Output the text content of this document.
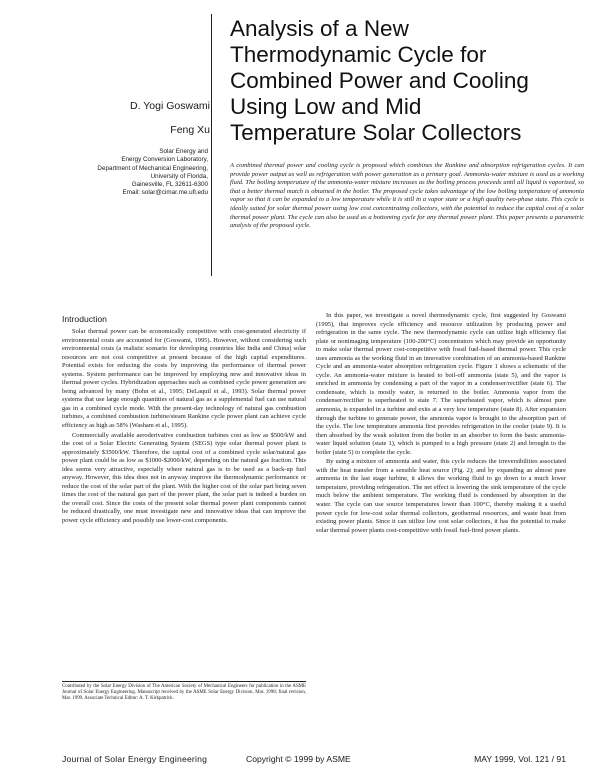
Analysis of a New
Thermodynamic Cycle for
Combined Power and Cooling
Using Low and Mid
Temperature Solar Collectors
D. Yogi Goswami
Feng Xu
Solar Energy and
Energy Conversion Laboratory,
Department of Mechanical Engineering,
University of Florida,
Gainesville, FL 32611-6300
Email: solar@cimar.me.ufl.edu
A combined thermal power and cooling cycle is proposed which combines the Rankine and absorption refrigeration cycles. It can provide power output as well as refrigeration with power generation as a primary goal. Ammonia-water mixture is used as a working fluid. The boiling temperature of the ammonia-water mixture increases as the boiling process proceeds until all liquid is vaporized, so that a better thermal match is obtained in the boiler. The proposed cycle takes advantage of the low boiling temperature of ammonia vapor so that it can be expanded to a low temperature while it is still in a vapor state or a high quality two-phase state. This cycle is ideally suited for solar thermal power using low cost concentrating collectors, with the potential to reduce the capital cost of a solar thermal power plant. The cycle can also be used as a bottoming cycle for any thermal power plant. This paper presents a parametric analysis of the proposed cycle.
Introduction

Solar thermal power can be economically competitive with cost-generated electricity if environmental costs are accounted for (Goswami, 1995). However, without considering such environmental costs (a realistic scenario for developing countries like India and China) solar resources are not cost competitive at present because of the high capital expenditures. Potential exists for reducing the costs by improving the performance of thermal power systems. System performance can be improved by employing new and innovative ideas in thermal power cycles. Hybridization approaches such as combined cycle power generation are being advanced by many (Bohn et al., 1995; DeLaquil et al., 1993). Solar thermal power systems that use large enough quantities of natural gas as a supplemental fuel can use natural gas in a combined cycle mode. With the present-day technology of natural gas combustion turbines, a combined combustion turbine/steam Rankine cycle power plant can achieve cycle efficiency as high as 58% (Washam et al., 1995).

Commercially available aeroderivative combustion turbines cost as low as $500/kW and the cost of a Solar Electric Generating System (SEGS) type solar thermal power plant is approximately $3500/kW. Therefore, the capital cost of a combined cycle solar/natural gas power plant could be as low as $1000-$2000/kW, depending on the natural gas fraction. This idea seems very attractive, especially where natural gas is to be used as a back-up fuel anyway. However, this idea does not in anyway improve the thermodynamic performance or reduce the cost of the solar part of the plant. With the higher cost of the solar part being seven times the cost of the natural gas part of the power plant, the solar part is indeed a burden on the overall cost. Since the costs of the present solar thermal power plant components cannot be reduced drastically, one must investigate new and innovative ideas that can improve the power cycle efficiency and possibly use lower-cost components.

In this paper, we investigate a novel thermodynamic cycle, first suggested by Goswami (1995), that improves cycle efficiency and resource utilization by producing power and refrigeration in the same cycle. The new thermodynamic cycle can utilize high efficiency flat plate or nonimaging temperature (100-200°C) concentrators which may provide an opportunity to make solar thermal power cost-competitive with fossil fuel-based thermal power. This cycle uses ammonia as the working fluid in an innovative combination of an ammonia-based Rankine Cycle and an ammonia-water absorption refrigeration cycle. Figure 1 shows a schematic of the cycle. An ammonia-water mixture is heated to boil-off ammonia (state 5), and the vapor is enriched in ammonia by condensing a part of the vapor in a condenser/rectifier (state 6). The condensate, which is mostly water, is returned to the boiler. Ammonia vapor from the condenser/rectifier is superheated to state 7. The superheated vapor, which is almost pure ammonia, is expanded in a turbine and exits at a very low temperature (state 8). After expansion through the turbine to generate power, the ammonia vapor is brought to the absorption part of the cycle. The low temperature ammonia first provides refrigeration in the cooler (state 9). It is then absorbed by the weak solution from the boiler in an absorber to form the basic ammonia-water liquid solution (state 1), which is pumped to a high pressure (state 2) and brought to the boiler (state 5) to complete the cycle.

By using a mixture of ammonia and water, this cycle reduces the irreversibilities associated with the heat transfer from a sensible heat source (Fig. 2); and by expanding an almost pure ammonia in the last stage turbine, it allows the working fluid to go down to a much lower temperature, providing refrigeration. The net effect is lowering the sink temperature of the cycle much below the ambient temperature. The working fluid is condensed by absorption in the water. The cycle can use source temperatures lower than 100°C, thereby making it a useful power cycle for low-cost solar thermal collectors, geothermal resources, and waste heat from existing power plants. Since it can utilize low cost solar collectors, it has the potential to make solar thermal power plants cost-competitive with fossil fuel-fired power plants.

Contributed by the Solar Energy Division of The American Society of Mechanical Engineers for publication in the ASME Journal of Solar Energy Engineering. Manuscript received by the ASME Solar Energy Division, Mar. 1998; final revision, Mar. 1999. Associate Technical Editor: A. T. Kirkpatrick.
Journal of Solar Energy Engineering	Copyright © 1999 by ASME	MAY 1999, Vol. 121 / 91
